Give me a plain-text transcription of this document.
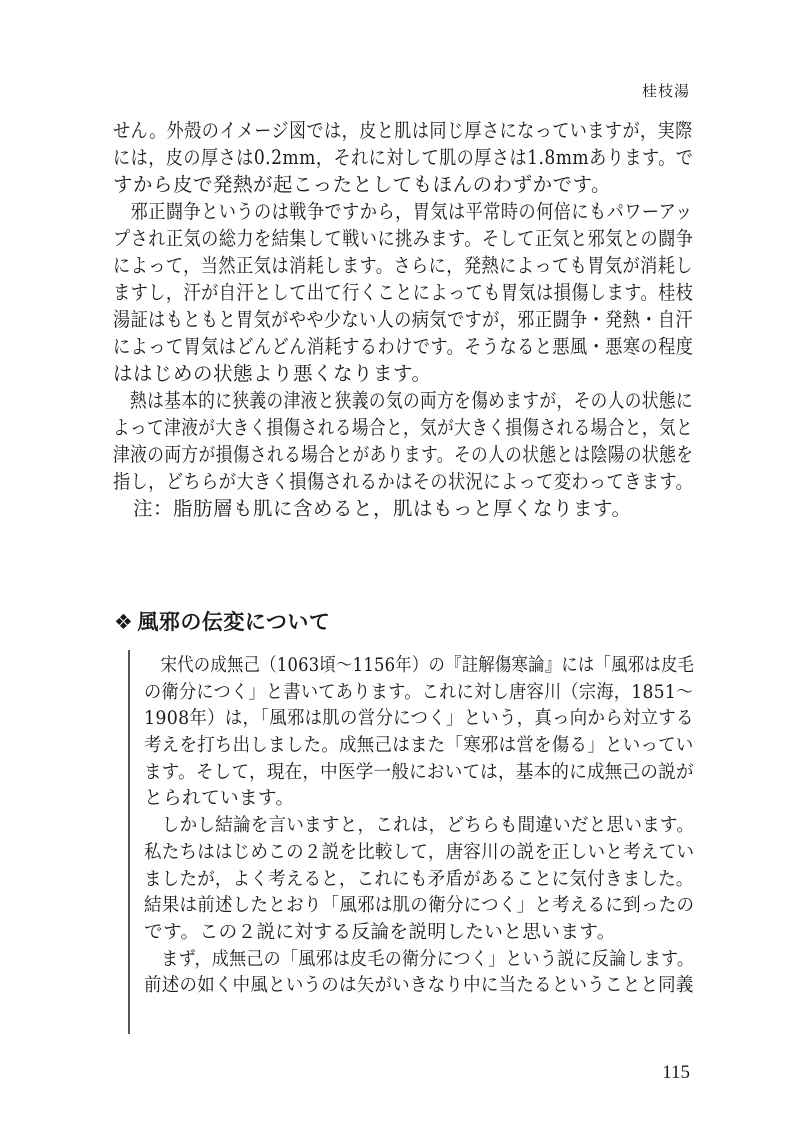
桂枝湯
せん。外殻のイメージ図では，皮と肌は同じ厚さになっていますが，実際
には，皮の厚さは0.2mm，それに対して肌の厚さは1.8mmあります。で
すから皮で発熱が起こったとしてもほんのわずかです。
　邪正闘争というのは戦争ですから，胃気は平常時の何倍にもパワーアッ
プされ正気の総力を結集して戦いに挑みます。そして正気と邪気との闘争
によって，当然正気は消耗します。さらに，発熱によっても胃気が消耗し
ますし，汗が自汗として出て行くことによっても胃気は損傷します。桂枝
湯証はもともと胃気がやや少ない人の病気ですが，邪正闘争・発熱・自汗
によって胃気はどんどん消耗するわけです。そうなると悪風・悪寒の程度
ははじめの状態より悪くなります。
　熱は基本的に狭義の津液と狭義の気の両方を傷めますが，その人の状態に
よって津液が大きく損傷される場合と，気が大きく損傷される場合と，気と
津液の両方が損傷される場合とがあります。その人の状態とは陰陽の状態を
指し，どちらが大きく損傷されるかはその状況によって変わってきます。
　注：脂肪層も肌に含めると，肌はもっと厚くなります。
❖ 風邪の伝変について
　宋代の成無己（1063頃～1156年）の『註解傷寒論』には「風邪は皮毛
の衛分につく」と書いてあります。これに対し唐容川（宗海，1851～
1908年）は，「風邪は肌の営分につく」という，真っ向から対立する
考えを打ち出しました。成無己はまた「寒邪は営を傷る」といってい
ます。そして，現在，中医学一般においては，基本的に成無己の説が
とられています。
　しかし結論を言いますと，これは，どちらも間違いだと思います。
私たちははじめこの２説を比較して，唐容川の説を正しいと考えてい
ましたが，よく考えると，これにも矛盾があることに気付きました。
結果は前述したとおり「風邪は肌の衛分につく」と考えるに到ったの
です。この２説に対する反論を説明したいと思います。
　まず，成無己の「風邪は皮毛の衛分につく」という説に反論します。
前述の如く中風というのは矢がいきなり中に当たるということと同義
115
